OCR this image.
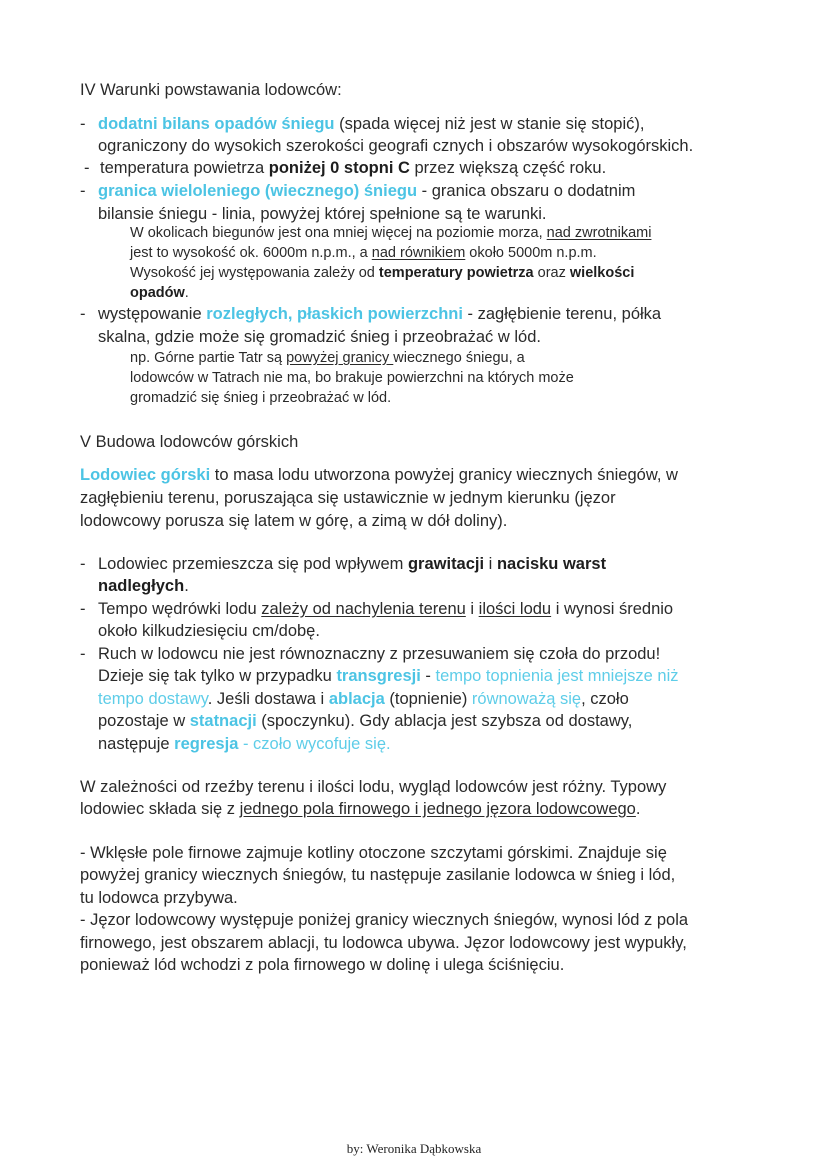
IV Warunki powstawania lodowców:
- dodatni bilans opadów śniegu (spada więcej niż jest w stanie się stopić),
ograniczony do wysokich szerokości geografi cznych i obszarów wysokogórskich.
- temperatura powietrza poniżej 0 stopni C przez większą część roku.
- granica wieloleniego (wiecznego) śniegu - granica obszaru o dodatnim
bilansie śniegu - linia, powyżej której spełnione są te warunki.
W okolicach biegunów jest ona mniej więcej na poziomie morza, nad zwrotnikami
jest to wysokość ok. 6000m n.p.m., a nad równikiem około 5000m n.p.m.
Wysokość jej występowania zależy od temperatury powietrza oraz wielkości
opadów.
- występowanie rozległych, płaskich powierzchni - zagłębienie terenu, półka
skalna, gdzie może się gromadzić śnieg i przeobrażać w lód.
np. Górne partie Tatr są powyżej granicy wiecznego śniegu, a
lodowców w Tatrach nie ma, bo brakuje powierzchni na których może
gromadzić się śnieg i przeobrażać w lód.
V Budowa lodowców górskich
Lodowiec górski to masa lodu utworzona powyżej granicy wiecznych śniegów, w
zagłębieniu terenu, poruszająca się ustawicznie w jednym kierunku (jęzor
lodowcowy porusza się latem w górę, a zimą w dół doliny).
- Lodowiec przemieszcza się pod wpływem grawitacji i nacisku warst
nadległych.
- Tempo wędrówki lodu zależy od nachylenia terenu i ilości lodu i wynosi średnio
około kilkudziesięciu cm/dobę.
- Ruch w lodowcu nie jest równoznaczny z przesuwaniem się czoła do przodu!
Dzieje się tak tylko w przypadku transgresji - tempo topnienia jest mniejsze niż
tempo dostawy. Jeśli dostawa i ablacja (topnienie) równoważą się, czoło
pozostaje w statnacji (spoczynku). Gdy ablacja jest szybsza od dostawy,
następuje regresja - czoło wycofuje się.
W zależności od rzeźby terenu i ilości lodu, wygląd lodowców jest różny. Typowy
lodowiec składa się z jednego pola firnowego i jednego jęzora lodowcowego.
- Wklęsłe pole firnowe zajmuje kotliny otoczone szczytami górskimi. Znajduje się
powyżej granicy wiecznych śniegów, tu następuje zasilanie lodowca w śnieg i lód,
tu lodowca przybywa.
- Jęzor lodowcowy występuje poniżej granicy wiecznych śniegów, wynosi lód z pola
firnowego, jest obszarem ablacji, tu lodowca ubywa. Jęzor lodowcowy jest wypukły,
ponieważ lód wchodzi z pola firnowego w dolinę i ulega ściśnięciu.
by: Weronika Dąbkowska
